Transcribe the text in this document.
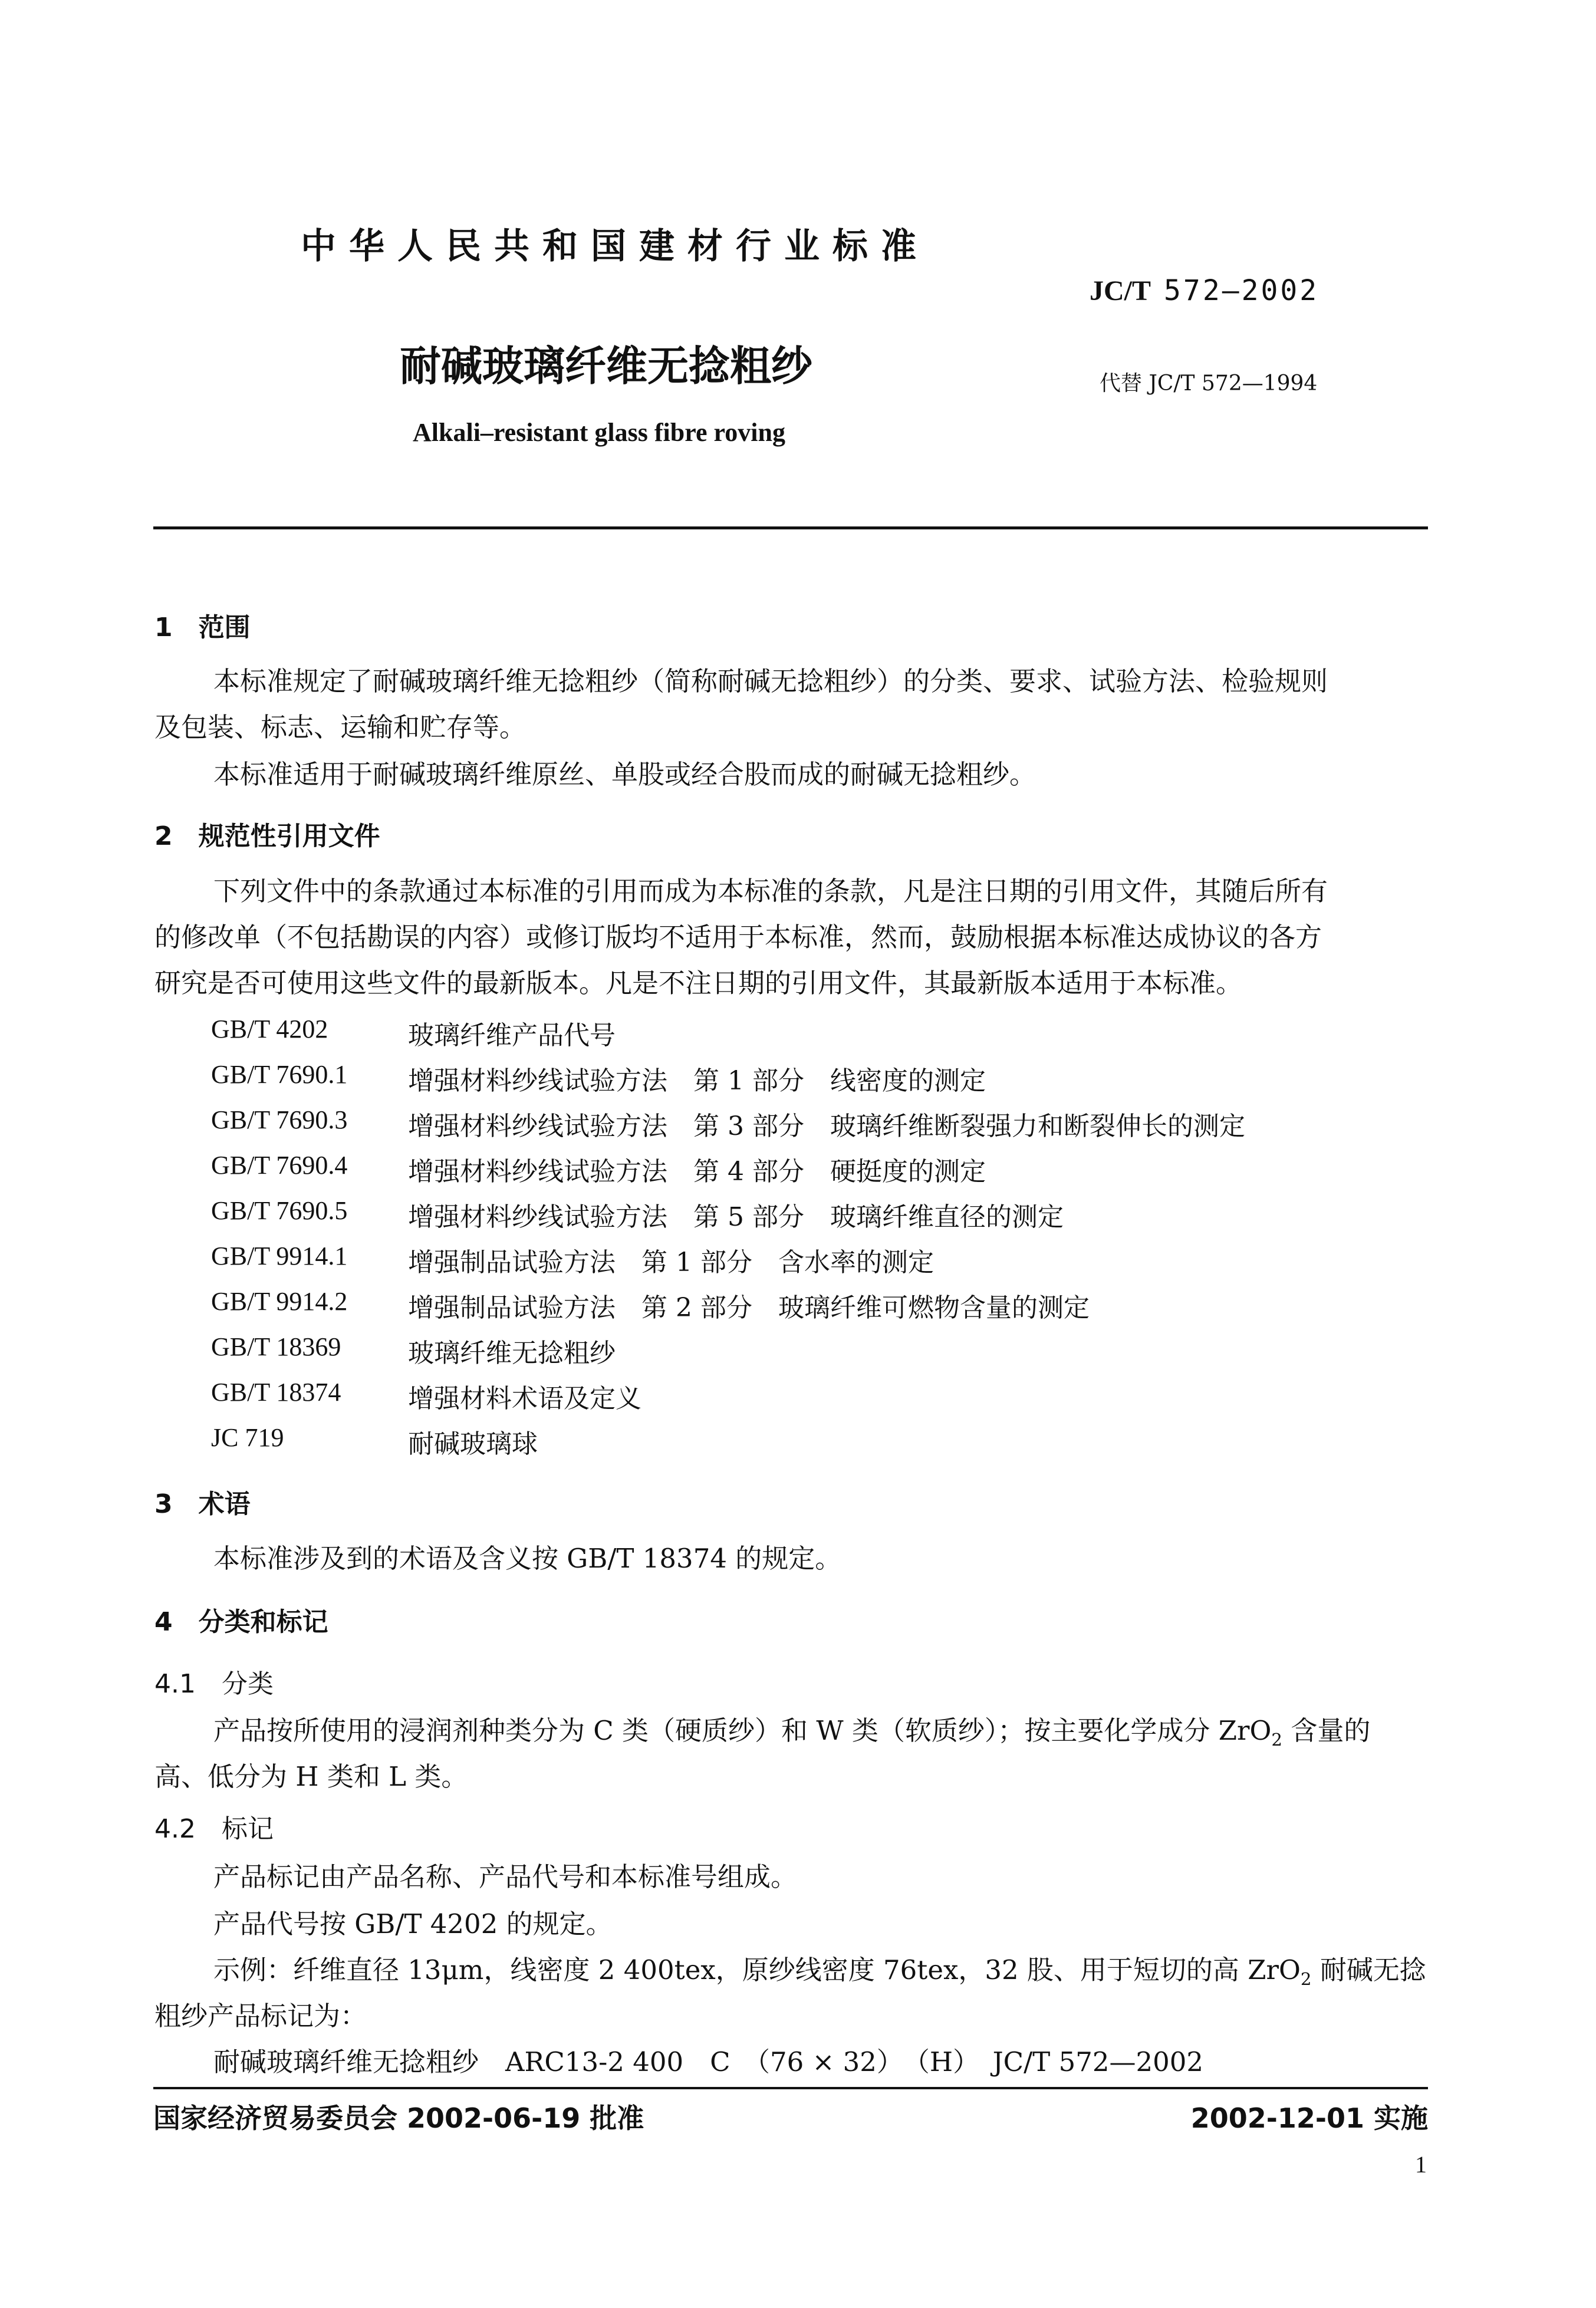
中华人民共和国建材行业标准
JC/T 572—2002
耐碱玻璃纤维无捻粗纱	代替 JC/T 572—1994
Alkali–resistant glass fibre roving
1　范围
本标准规定了耐碱玻璃纤维无捻粗纱（简称耐碱无捻粗纱）的分类、要求、试验方法、检验规则
及包装、标志、运输和贮存等。
本标准适用于耐碱玻璃纤维原丝、单股或经合股而成的耐碱无捻粗纱。
2　规范性引用文件
下列文件中的条款通过本标准的引用而成为本标准的条款，凡是注日期的引用文件，其随后所有
的修改单（不包括勘误的内容）或修订版均不适用于本标准，然而，鼓励根据本标准达成协议的各方
研究是否可使用这些文件的最新版本。凡是不注日期的引用文件，其最新版本适用于本标准。
GB/T 4202	玻璃纤维产品代号
GB/T 7690.1 增强材料纱线试验方法　第 1 部分　线密度的测定
GB/T 7690.3 增强材料纱线试验方法　第 3 部分　玻璃纤维断裂强力和断裂伸长的测定
GB/T 7690.4 增强材料纱线试验方法　第 4 部分　硬挺度的测定
GB/T 7690.5 增强材料纱线试验方法　第 5 部分　玻璃纤维直径的测定
GB/T 9914.1 增强制品试验方法　第 1 部分　含水率的测定
GB/T 9914.2 增强制品试验方法　第 2 部分　玻璃纤维可燃物含量的测定
GB/T 18369	玻璃纤维无捻粗纱
GB/T 18374	增强材料术语及定义
JC 719	耐碱玻璃球
3　术语
本标准涉及到的术语及含义按 GB/T 18374 的规定。
4　分类和标记
4.1　分类
产品按所使用的浸润剂种类分为 C 类（硬质纱）和 W 类（软质纱）；按主要化学成分 ZrO$_2$ 含量的
高、低分为 H 类和 L 类。
4.2　标记
产品标记由产品名称、产品代号和本标准号组成。
产品代号按 GB/T 4202 的规定。
示例：纤维直径 13μm，线密度 2 400tex，原纱线密度 76tex，32 股、用于短切的高 ZrO$_2$ 耐碱无捻
粗纱产品标记为：
耐碱玻璃纤维无捻粗纱　ARC13-2 400　C　（76 × 32）　（H）　JC/T 572—2002
国家经济贸易委员会 2002-06-19 批准	2002-12-01 实施
1
